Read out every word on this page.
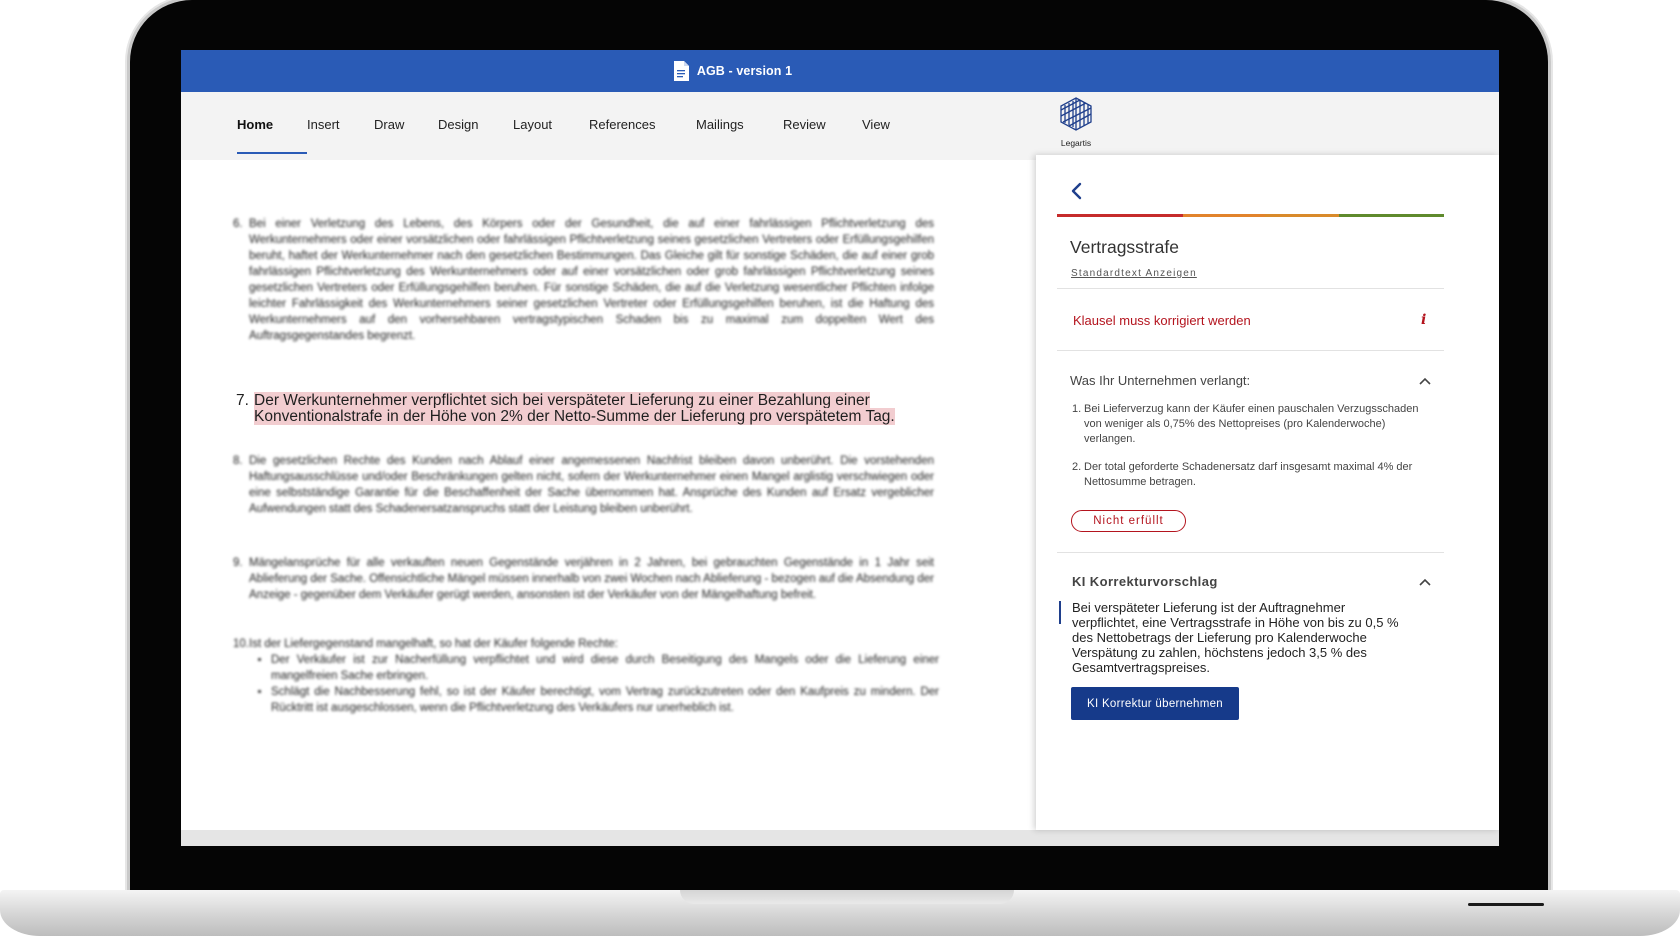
AGB - version 1
Home	Insert	Draw	Design	Layout	References	Mailings	Review	View
Legartis
6. Bei einer Verletzung des Lebens, des Körpers oder der Gesundheit, die auf einer fahrlässigen Pflichtverletzung des Werkunternehmers oder einer vorsätzlichen oder fahrlässigen Pflichtverletzung seines gesetzlichen Vertreters oder Erfüllungsgehilfen beruht, haftet der Werkunternehmer nach den gesetzlichen Bestimmungen. Das Gleiche gilt für sonstige Schäden, die auf einer grob fahrlässigen Pflichtverletzung des Werkunternehmers oder auf einer vorsätzlichen oder grob fahrlässigen Pflichtverletzung seines gesetzlichen Vertreters oder Erfüllungsgehilfen beruhen. Für sonstige Schäden, die auf die Verletzung wesentlicher Pflichten infolge leichter Fahrlässigkeit des Werkunternehmers seiner gesetzlichen Vertreter oder Erfüllungsgehilfen beruhen, ist die Haftung des Werkunternehmers auf den vorhersehbaren vertragstypischen Schaden bis zu maximal zum doppelten Wert des Auftragsgegenstandes begrenzt.
7. Der Werkunternehmer verpflichtet sich bei verspäteter Lieferung zu einer Bezahlung einer Konventionalstrafe in der Höhe von 2% der Netto-Summe der Lieferung pro verspätetem Tag.
8. Die gesetzlichen Rechte des Kunden nach Ablauf einer angemessenen Nachfrist bleiben davon unberührt. Die vorstehenden Haftungsausschlüsse und/oder Beschränkungen gelten nicht, sofern der Werkunternehmer einen Mangel arglistig verschwiegen oder eine selbstständige Garantie für die Beschaffenheit der Sache übernommen hat. Ansprüche des Kunden auf Ersatz vergeblicher Aufwendungen statt des Schadenersatzanspruchs statt der Leistung bleiben unberührt.
9. Mängelansprüche für alle verkauften neuen Gegenstände verjähren in 2 Jahren, bei gebrauchten Gegenstände in 1 Jahr seit Ablieferung der Sache. Offensichtliche Mängel müssen innerhalb von zwei Wochen nach Ablieferung - bezogen auf die Absendung der Anzeige - gegenüber dem Verkäufer gerügt werden, ansonsten ist der Verkäufer von der Mängelhaftung befreit.
10. Ist der Liefergegenstand mangelhaft, so hat der Käufer folgende Rechte:
• Der Verkäufer ist zur Nacherfüllung verpflichtet und wird diese durch Beseitigung des Mangels oder die Lieferung einer mangelfreien Sache erbringen.
• Schlägt die Nachbesserung fehl, so ist der Käufer berechtigt, vom Vertrag zurückzutreten oder den Kaufpreis zu mindern. Der Rücktritt ist ausgeschlossen, wenn die Pflichtverletzung des Verkäufers nur unerheblich ist.
Vertragsstrafe
Standardtext Anzeigen
Klausel muss korrigiert werden	i
Was Ihr Unternehmen verlangt:
1. Bei Lieferverzug kann der Käufer einen pauschalen Verzugsschaden von weniger als 0,75% des Nettopreises (pro Kalenderwoche) verlangen.
2. Der total geforderte Schadenersatz darf insgesamt maximal 4% der Nettosumme betragen.
Nicht erfüllt
KI Korrekturvorschlag
Bei verspäteter Lieferung ist der Auftragnehmer verpflichtet, eine Vertragsstrafe in Höhe von bis zu 0,5 % des Nettobetrags der Lieferung pro Kalenderwoche Verspätung zu zahlen, höchstens jedoch 3,5 % des Gesamtvertragspreises.
KI Korrektur übernehmen
